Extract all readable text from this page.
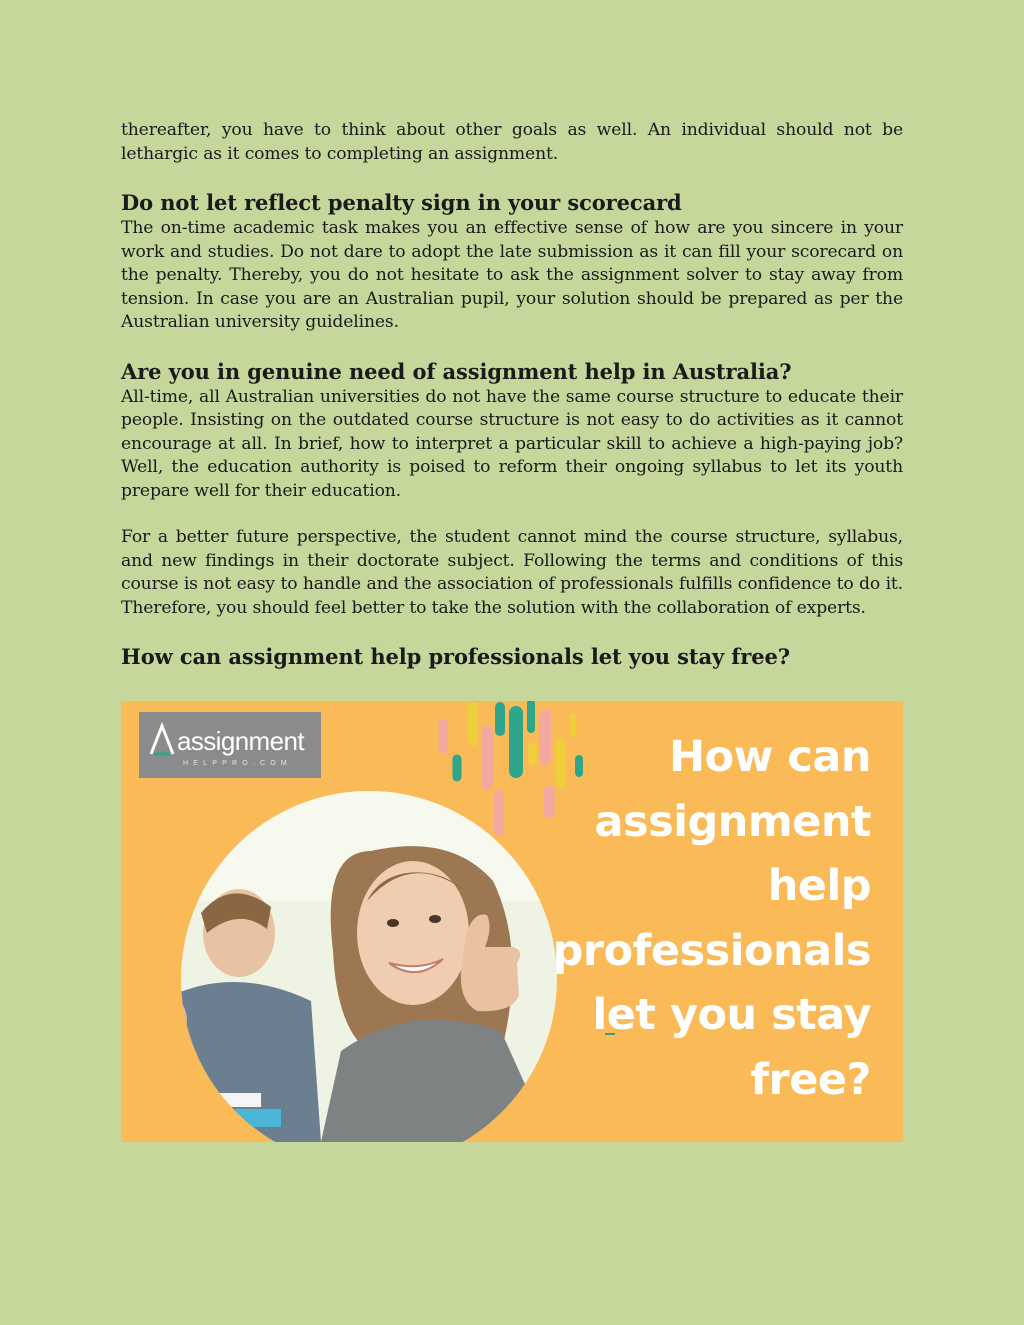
thereafter, you have to think about other goals as well. An individual should not be lethargic as it comes to completing an assignment.

Do not let reflect penalty sign in your scorecard

The on-time academic task makes you an effective sense of how are you sincere in your work and studies. Do not dare to adopt the late submission as it can fill your scorecard on the penalty. Thereby, you do not hesitate to ask the assignment solver to stay away from tension. In case you are an Australian pupil, your solution should be prepared as per the Australian university guidelines.

Are you in genuine need of assignment help in Australia?

All-time, all Australian universities do not have the same course structure to educate their people. Insisting on the outdated course structure is not easy to do activities as it cannot encourage at all. In brief, how to interpret a particular skill to achieve a high-paying job? Well, the education authority is poised to reform their ongoing syllabus to let its youth prepare well for their education.

For a better future perspective, the student cannot mind the course structure, syllabus, and new findings in their doctorate subject. Following the terms and conditions of this course is not easy to handle and the association of professionals fulfills confidence to do it. Therefore, you should feel better to take the solution with the collaboration of experts.

How can assignment help professionals let you stay free?
assignment
HELPPRO.COM	How can
assignment
help
professionals
let you stay
free?
